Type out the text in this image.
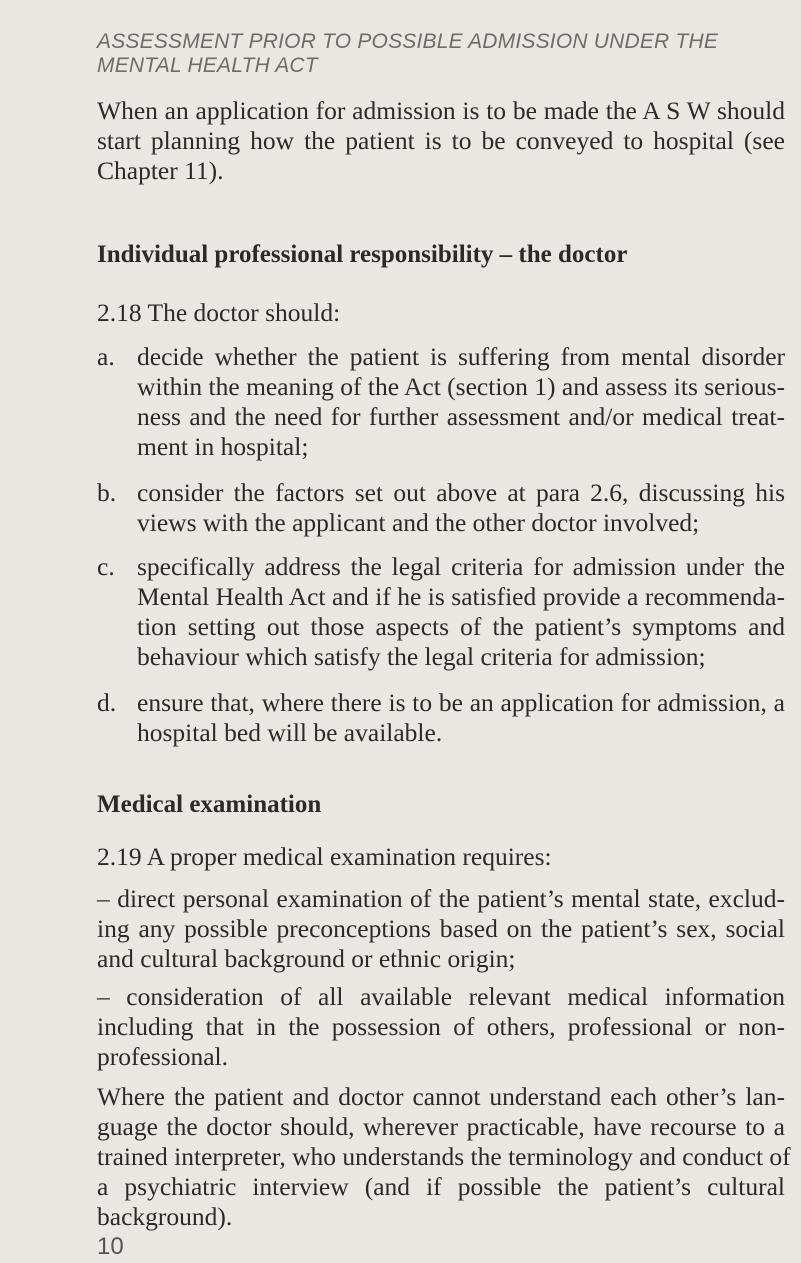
ASSESSMENT PRIOR TO POSSIBLE ADMISSION UNDER THE
MENTAL HEALTH ACT
When an application for admission is to be made the A S W should
start planning how the patient is to be conveyed to hospital (see
Chapter 11).
Individual professional responsibility – the doctor
2.18 The doctor should:
a. decide whether the patient is suffering from mental disorder
within the meaning of the Act (section 1) and assess its serious-
ness and the need for further assessment and/or medical treat-
ment in hospital;
b. consider the factors set out above at para 2.6, discussing his
views with the applicant and the other doctor involved;
c. specifically address the legal criteria for admission under the
Mental Health Act and if he is satisfied provide a recommenda-
tion setting out those aspects of the patient’s symptoms and
behaviour which satisfy the legal criteria for admission;
d. ensure that, where there is to be an application for admission, a
hospital bed will be available.
Medical examination
2.19 A proper medical examination requires:
– direct personal examination of the patient’s mental state, exclud-
ing any possible preconceptions based on the patient’s sex, social
and cultural background or ethnic origin;
– consideration of all available relevant medical information
including that in the possession of others, professional or non-
professional.
Where the patient and doctor cannot understand each other’s lan-
guage the doctor should, wherever practicable, have recourse to a
trained interpreter, who understands the terminology and conduct of
a psychiatric interview (and if possible the patient’s cultural
background).
10
